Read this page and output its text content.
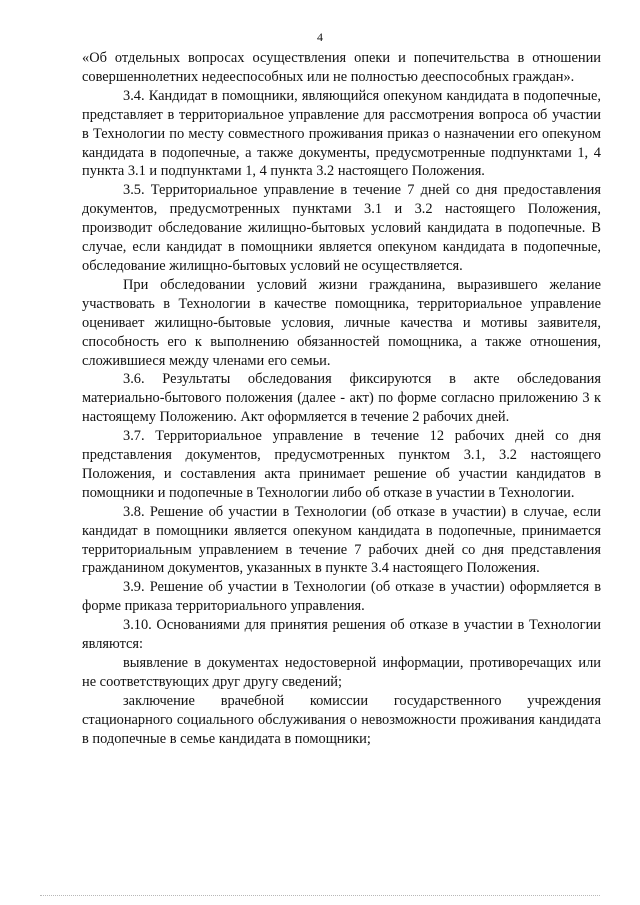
4

«Об отдельных вопросах осуществления опеки и попечительства в отношении совершеннолетних недееспособных или не полностью дееспособных граждан».

3.4. Кандидат в помощники, являющийся опекуном кандидата в подопечные, представляет в территориальное управление для рассмотрения вопроса об участии в Технологии по месту совместного проживания приказ о назначении его опекуном кандидата в подопечные, а также документы, предусмотренные подпунктами 1, 4 пункта 3.1 и подпунктами 1, 4 пункта 3.2 настоящего Положения.

3.5. Территориальное управление в течение 7 дней со дня предоставления документов, предусмотренных пунктами 3.1 и 3.2 настоящего Положения, производит обследование жилищно-бытовых условий кандидата в подопечные. В случае, если кандидат в помощники является опекуном кандидата в подопечные, обследование жилищно-бытовых условий не осуществляется.

При обследовании условий жизни гражданина, выразившего желание участвовать в Технологии в качестве помощника, территориальное управление оценивает жилищно-бытовые условия, личные качества и мотивы заявителя, способность его к выполнению обязанностей помощника, а также отношения, сложившиеся между членами его семьи.

3.6. Результаты обследования фиксируются в акте обследования материально-бытового положения (далее - акт) по форме согласно приложению 3 к настоящему Положению. Акт оформляется в течение 2 рабочих дней.

3.7. Территориальное управление в течение 12 рабочих дней со дня представления документов, предусмотренных пунктом 3.1, 3.2 настоящего Положения, и составления акта принимает решение об участии кандидатов в помощники и подопечные в Технологии либо об отказе в участии в Технологии.

3.8. Решение об участии в Технологии (об отказе в участии) в случае, если кандидат в помощники является опекуном кандидата в подопечные, принимается территориальным управлением в течение 7 рабочих дней со дня представления гражданином документов, указанных в пункте 3.4 настоящего Положения.

3.9. Решение об участии в Технологии (об отказе в участии) оформляется в форме приказа территориального управления.

3.10. Основаниями для принятия решения об отказе в участии в Технологии являются:

выявление в документах недостоверной информации, противоречащих или не соответствующих друг другу сведений;

заключение врачебной комиссии государственного учреждения стационарного социального обслуживания о невозможности проживания кандидата в подопечные в семье кандидата в помощники;
